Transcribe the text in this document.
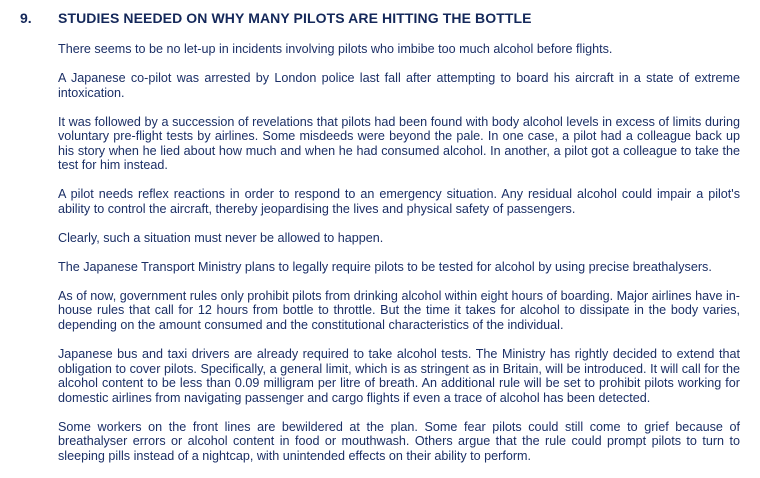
9. STUDIES NEEDED ON WHY MANY PILOTS ARE HITTING THE BOTTLE

There seems to be no let-up in incidents involving pilots who imbibe too much alcohol before flights.

A Japanese co-pilot was arrested by London police last fall after attempting to board his aircraft in a state of extreme intoxication.

It was followed by a succession of revelations that pilots had been found with body alcohol levels in excess of limits during voluntary pre-flight tests by airlines. Some misdeeds were beyond the pale. In one case, a pilot had a colleague back up his story when he lied about how much and when he had consumed alcohol. In another, a pilot got a colleague to take the test for him instead.

A pilot needs reflex reactions in order to respond to an emergency situation. Any residual alcohol could impair a pilot's ability to control the aircraft, thereby jeopardising the lives and physical safety of passengers.

Clearly, such a situation must never be allowed to happen.

The Japanese Transport Ministry plans to legally require pilots to be tested for alcohol by using precise breathalysers.

As of now, government rules only prohibit pilots from drinking alcohol within eight hours of boarding. Major airlines have in-house rules that call for 12 hours from bottle to throttle. But the time it takes for alcohol to dissipate in the body varies, depending on the amount consumed and the constitutional characteristics of the individual.

Japanese bus and taxi drivers are already required to take alcohol tests. The Ministry has rightly decided to extend that obligation to cover pilots. Specifically, a general limit, which is as stringent as in Britain, will be introduced. It will call for the alcohol content to be less than 0.09 milligram per litre of breath. An additional rule will be set to prohibit pilots working for domestic airlines from navigating passenger and cargo flights if even a trace of alcohol has been detected.

Some workers on the front lines are bewildered at the plan. Some fear pilots could still come to grief because of breathalyser errors or alcohol content in food or mouthwash. Others argue that the rule could prompt pilots to turn to sleeping pills instead of a nightcap, with unintended effects on their ability to perform.
